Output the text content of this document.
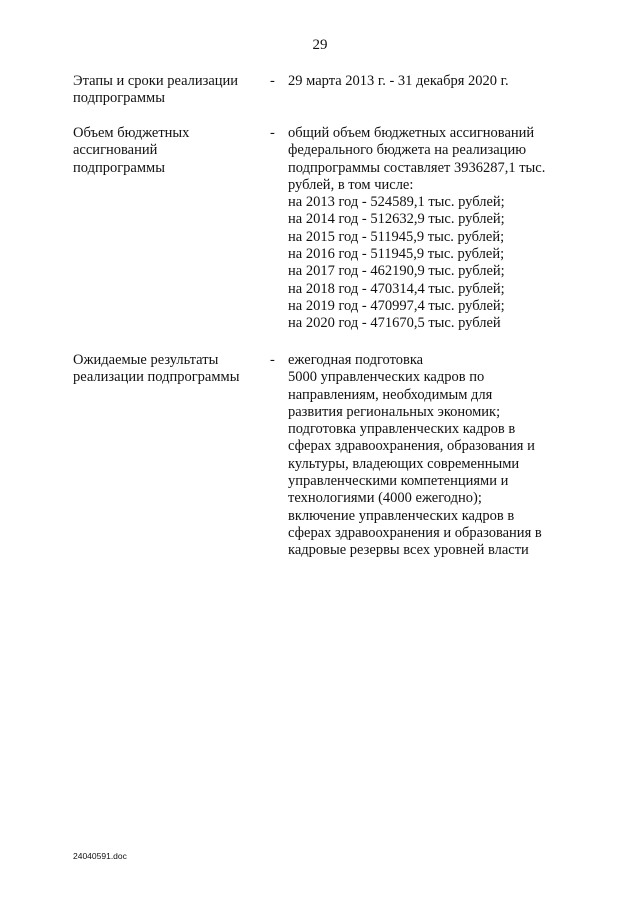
29
Этапы и сроки реализации
подпрограммы
- 29 марта 2013 г. - 31 декабря 2020 г.
Объем бюджетных
ассигнований
подпрограммы
- общий объем бюджетных ассигнований
федерального бюджета на реализацию
подпрограммы составляет 3936287,1 тыс.
рублей, в том числе:
на 2013 год - 524589,1 тыс. рублей;
на 2014 год - 512632,9 тыс. рублей;
на 2015 год - 511945,9 тыс. рублей;
на 2016 год - 511945,9 тыс. рублей;
на 2017 год - 462190,9 тыс. рублей;
на 2018 год - 470314,4 тыс. рублей;
на 2019 год - 470997,4 тыс. рублей;
на 2020 год - 471670,5 тыс. рублей
Ожидаемые результаты
реализации подпрограммы
- ежегодная подготовка
5000 управленческих кадров по
направлениям, необходимым для
развития региональных экономик;
подготовка управленческих кадров в
сферах здравоохранения, образования и
культуры, владеющих современными
управленческими компетенциями и
технологиями (4000 ежегодно);
включение управленческих кадров в
сферах здравоохранения и образования в
кадровые резервы всех уровней власти
24040591.doc
